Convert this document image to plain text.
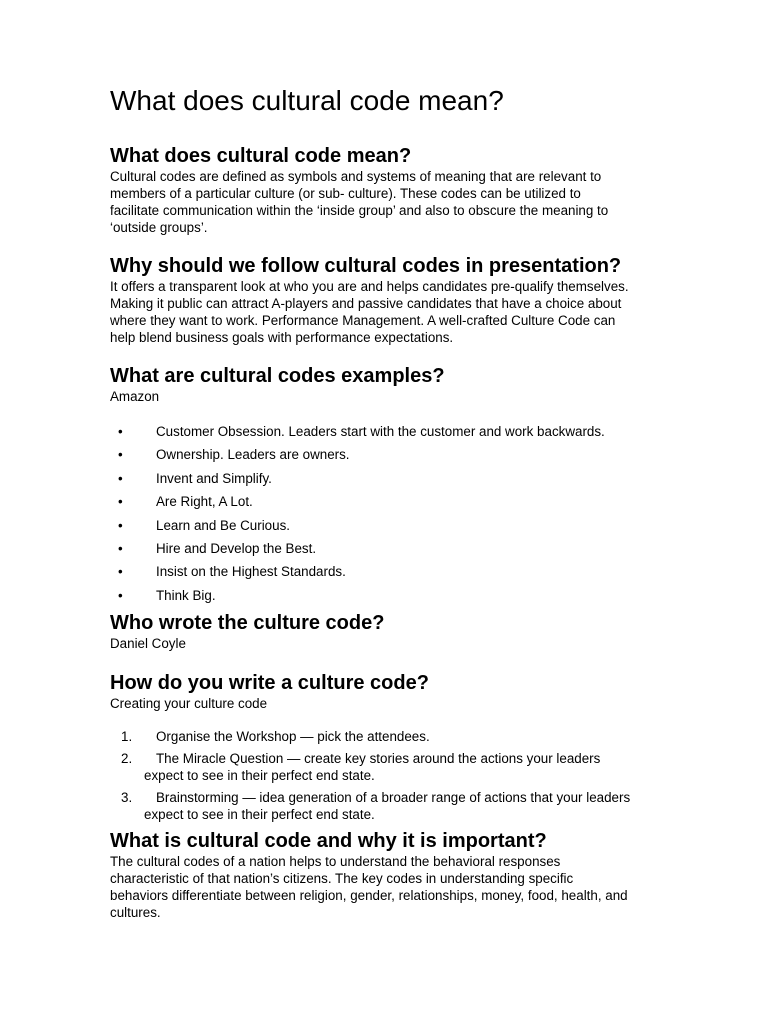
What does cultural code mean?
What does cultural code mean?

Cultural codes are defined as symbols and systems of meaning that are relevant to
members of a particular culture (or sub- culture). These codes can be utilized to
facilitate communication within the ‘inside group’ and also to obscure the meaning to
‘outside groups’.

Why should we follow cultural codes in presentation?

It offers a transparent look at who you are and helps candidates pre-qualify themselves.
Making it public can attract A-players and passive candidates that have a choice about
where they want to work. Performance Management. A well-crafted Culture Code can
help blend business goals with performance expectations.

What are cultural codes examples?

Amazon

• Customer Obsession. Leaders start with the customer and work backwards.
• Ownership. Leaders are owners.
• Invent and Simplify.
• Are Right, A Lot.
• Learn and Be Curious.
• Hire and Develop the Best.
• Insist on the Highest Standards.
• Think Big.
Who wrote the culture code?

Daniel Coyle

How do you write a culture code?

Creating your culture code

1. Organise the Workshop — pick the attendees.
2. The Miracle Question — create key stories around the actions your leaders
expect to see in their perfect end state.
3. Brainstorming — idea generation of a broader range of actions that your leaders
expect to see in their perfect end state.
What is cultural code and why it is important?

The cultural codes of a nation helps to understand the behavioral responses
characteristic of that nation’s citizens. The key codes in understanding specific
behaviors differentiate between religion, gender, relationships, money, food, health, and
cultures.
